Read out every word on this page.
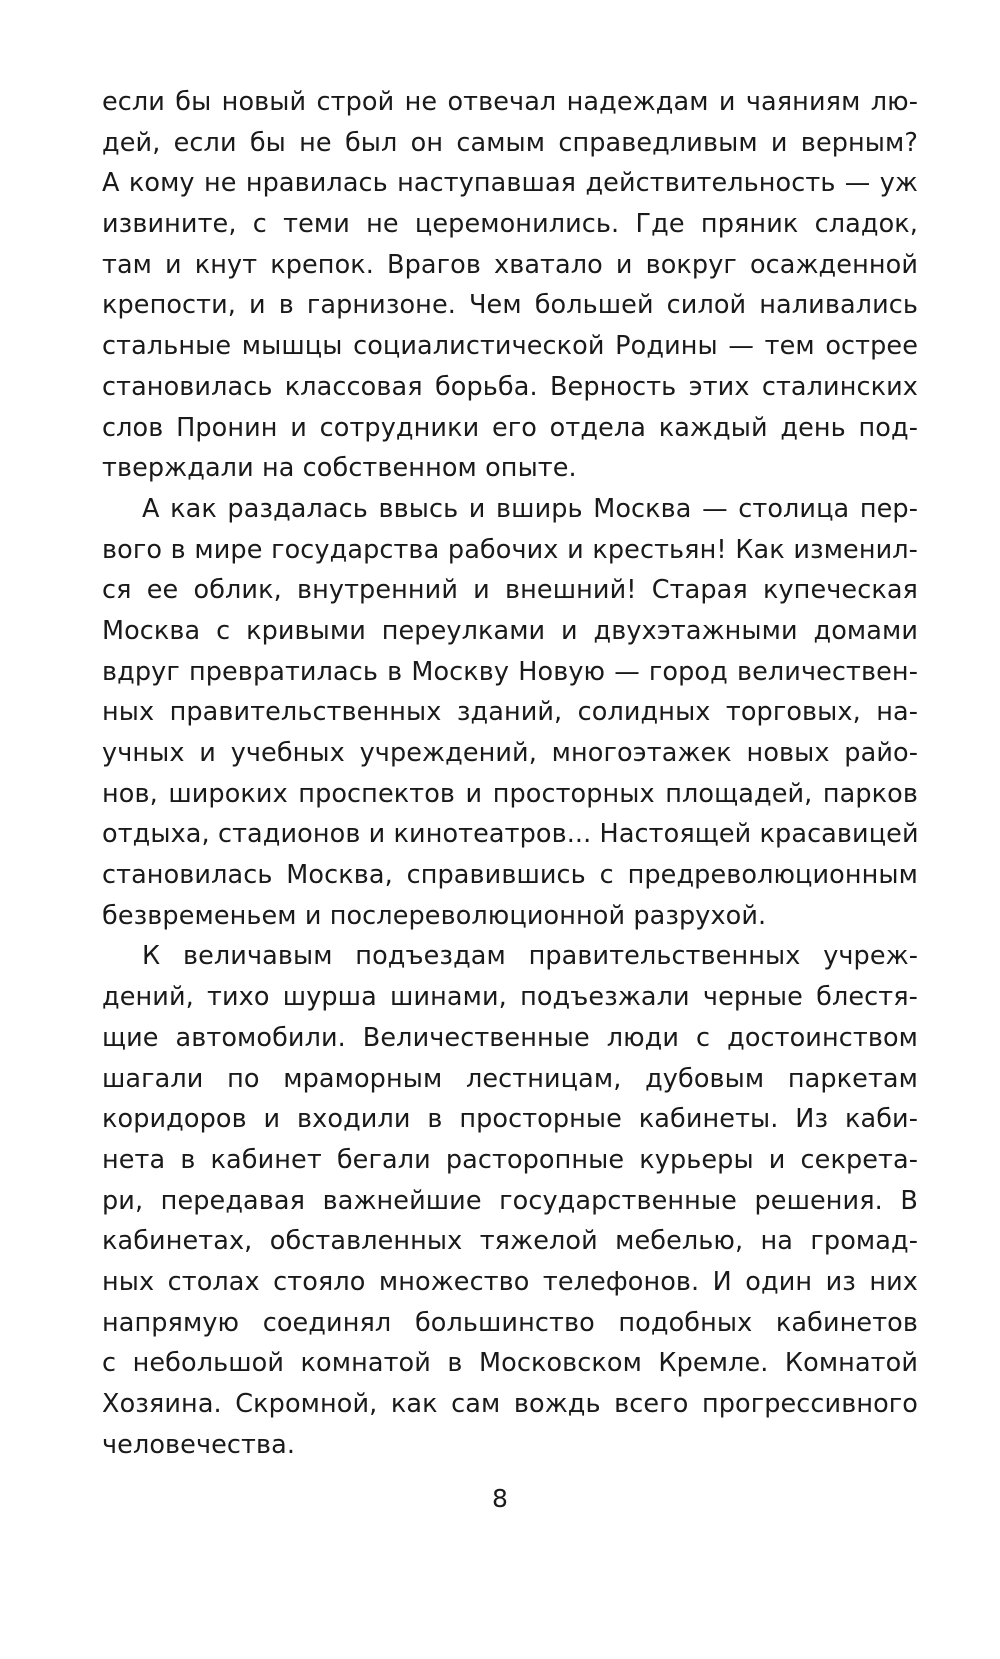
если бы новый строй не отвечал надеждам и чаяниям лю-
дей, если бы не был он самым справедливым и верным?
А кому не нравилась наступавшая действительность — уж
извините, с теми не церемонились. Где пряник сладок,
там и кнут крепок. Врагов хватало и вокруг осажденной
крепости, и в гарнизоне. Чем большей силой наливались
стальные мышцы социалистической Родины — тем острее
становилась классовая борьба. Верность этих сталинских
слов Пронин и сотрудники его отдела каждый день под-
тверждали на собственном опыте.
А как раздалась ввысь и вширь Москва — столица пер-
вого в мире государства рабочих и крестьян! Как изменил-
ся ее облик, внутренний и внешний! Старая купеческая
Москва с кривыми переулками и двухэтажными домами
вдруг превратилась в Москву Новую — город величествен-
ных правительственных зданий, солидных торговых, на-
учных и учебных учреждений, многоэтажек новых райо-
нов, широких проспектов и просторных площадей, парков
отдыха, стадионов и кинотеатров... Настоящей красавицей
становилась Москва, справившись с предреволюционным
безвременьем и послереволюционной разрухой.
К величавым подъездам правительственных учреж-
дений, тихо шурша шинами, подъезжали черные блестя-
щие автомобили. Величественные люди с достоинством
шагали по мраморным лестницам, дубовым паркетам
коридоров и входили в просторные кабинеты. Из каби-
нета в кабинет бегали расторопные курьеры и секрета-
ри, передавая важнейшие государственные решения. В
кабинетах, обставленных тяжелой мебелью, на громад-
ных столах стояло множество телефонов. И один из них
напрямую соединял большинство подобных кабинетов
с небольшой комнатой в Московском Кремле. Комнатой
Хозяина. Скромной, как сам вождь всего прогрессивного
человечества.
8
